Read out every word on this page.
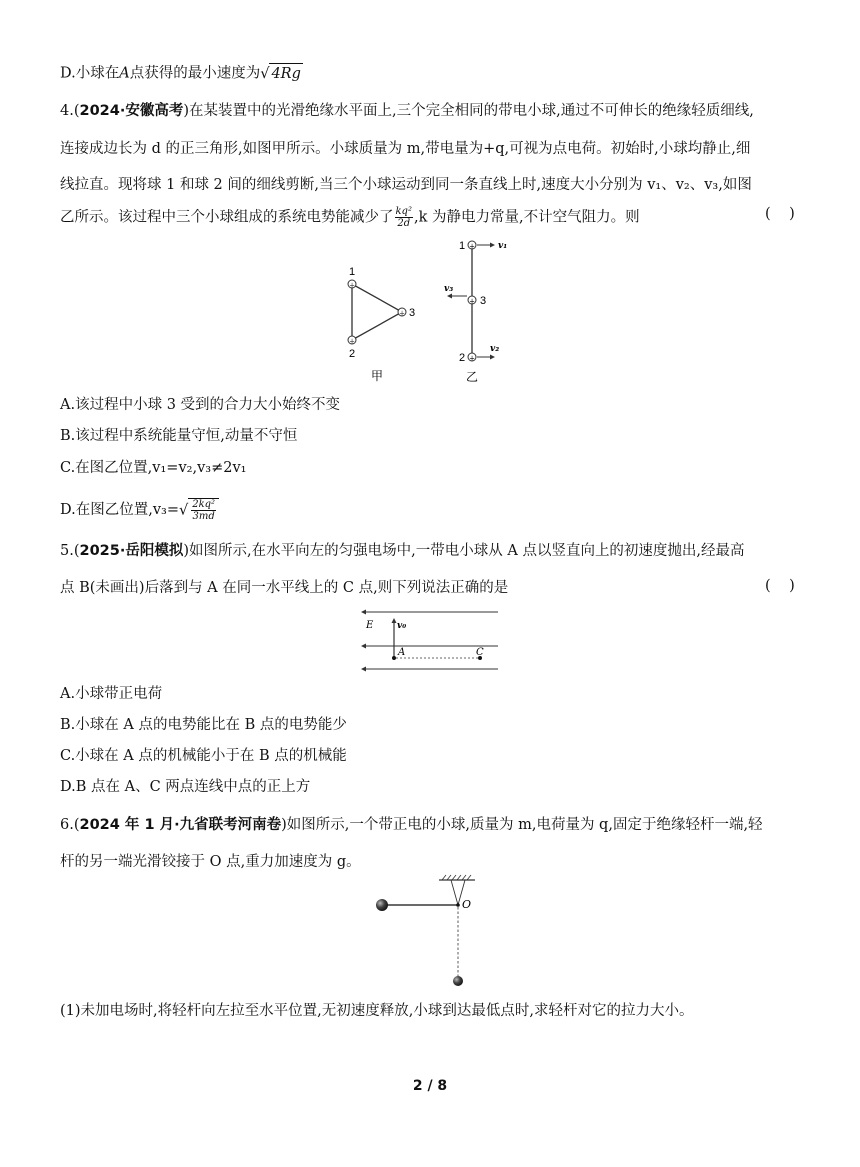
D.小球在A点获得的最小速度为√ 4Rg
4.(2024·安徽高考)在某装置中的光滑绝缘水平面上,三个完全相同的带电小球,通过不可伸长的绝缘轻质细线,
连接成边长为 d 的正三角形,如图甲所示。小球质量为 m,带电量为+q,可视为点电荷。初始时,小球均静止,细
线拉直。现将球 1 和球 2 间的细线剪断,当三个小球运动到同一条直线上时,速度大小分别为 v₁、v₂、v₃,如图
乙所示。该过程中三个小球组成的系统电势能减少了 $\frac{\text{kq²}}{2d} ,k$ 为静电力常量,不计空气阻力。则	(    )
+
+
+
1
2
3
甲
+
+
+
1
3
2
v₁
v₃
v₂
乙
A.该过程中小球 3 受到的合力大小始终不变
B.该过程中系统能量守恒,动量不守恒
C.在图乙位置,v₁=v₂,v₃≠2v₁
D.在图乙位置$,v_3=√ \frac{\text{2kq²}}{3md}$
5.(2025·岳阳模拟)如图所示,在水平向左的匀强电场中,一带电小球从 A 点以竖直向上的初速度抛出,经最高
点 B(未画出)后落到与 A 在同一水平线上的 C 点,则下列说法正确的是	(    )
E	v₀
A	C
A.小球带正电荷
B.小球在 A 点的电势能比在 B 点的电势能少
C.小球在 A 点的机械能小于在 B 点的机械能
D.B 点在 A、C 两点连线中点的正上方
6.(2024 年 1 月·九省联考河南卷)如图所示,一个带正电的小球,质量为 m,电荷量为 q,固定于绝缘轻杆一端,轻
杆的另一端光滑铰接于 O 点,重力加速度为 g。
O
(1)未加电场时,将轻杆向左拉至水平位置,无初速度释放,小球到达最低点时,求轻杆对它的拉力大小。
2 / 8
